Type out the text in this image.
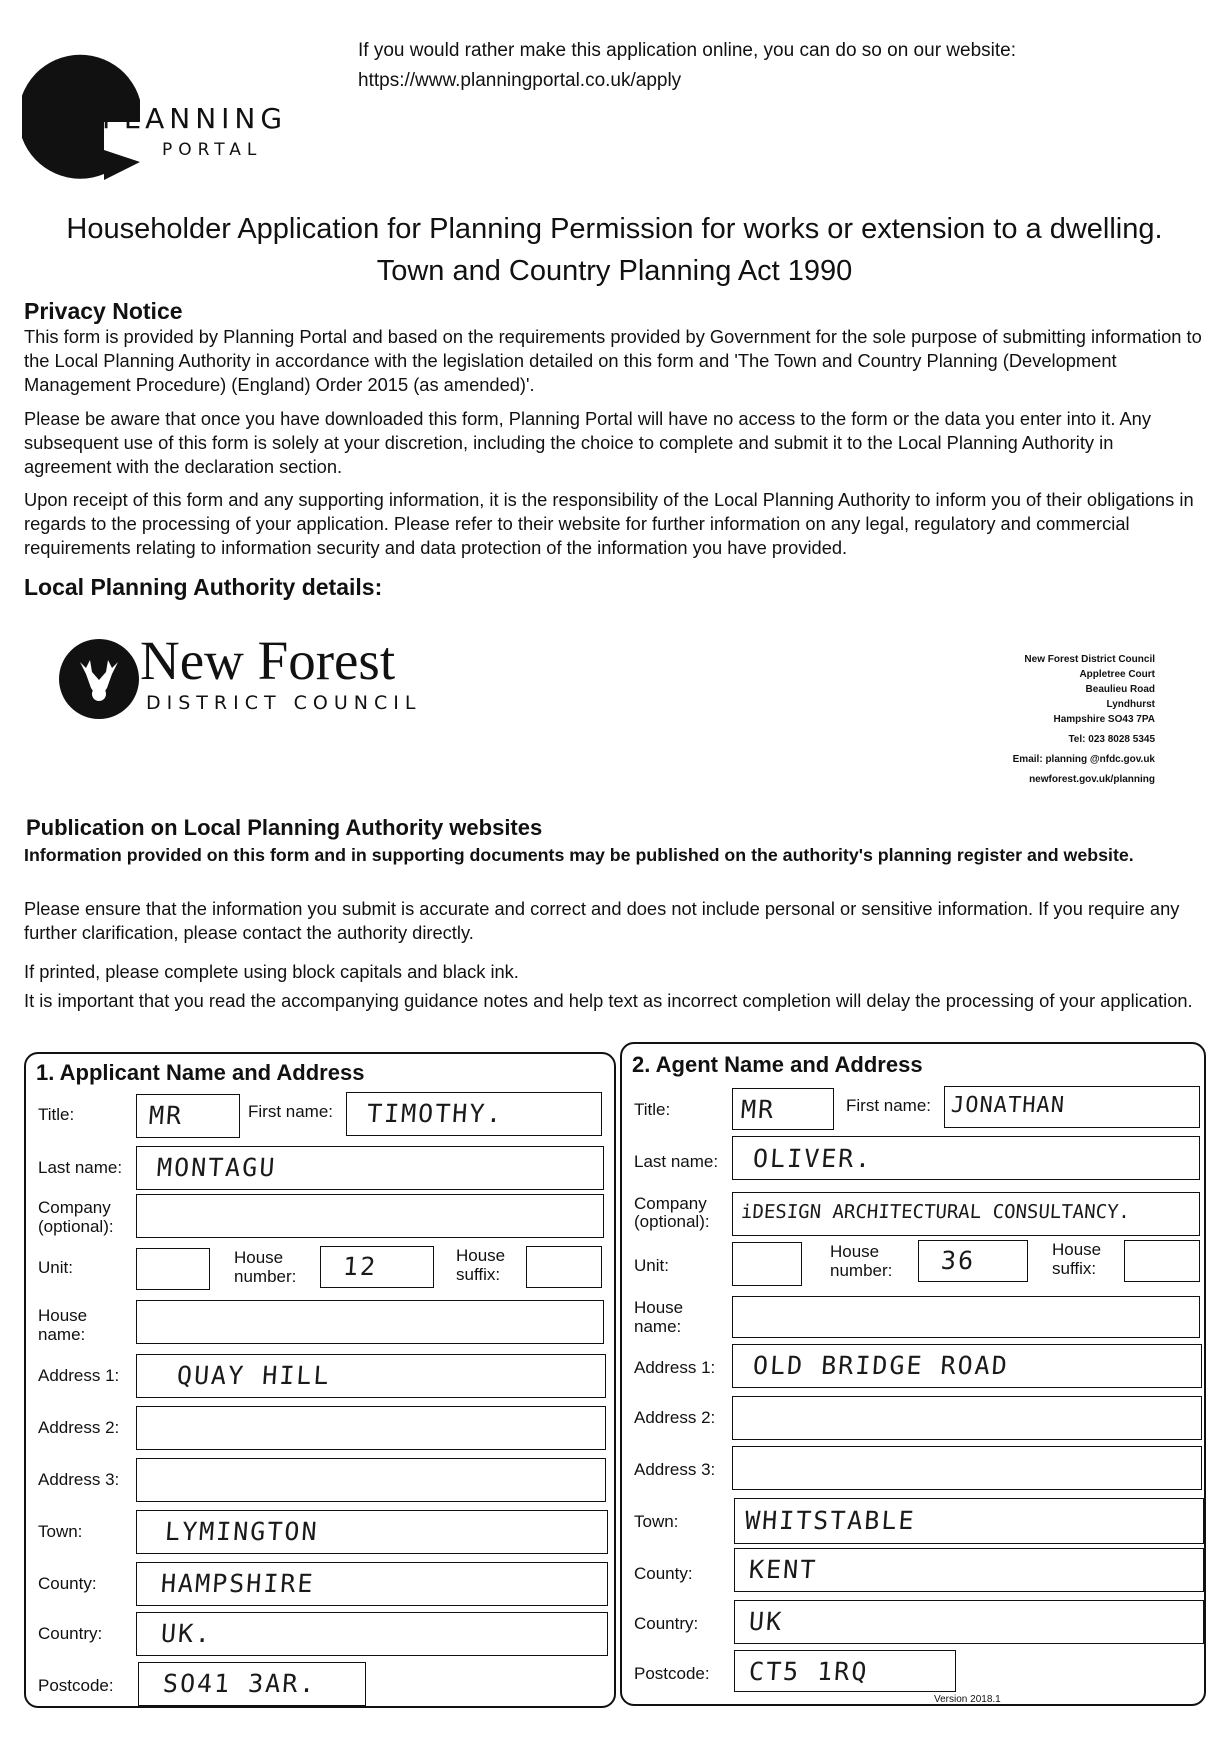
PLANNING
PORTAL
If you would rather make this application online, you can do so on our website:
https://www.planningportal.co.uk/apply
Householder Application for Planning Permission for works or extension to a dwelling.
Town and Country Planning Act 1990
Privacy Notice

This form is provided by Planning Portal and based on the requirements provided by Government for the sole purpose of submitting information to the Local Planning Authority in accordance with the legislation detailed on this form and 'The Town and Country Planning (Development Management Procedure) (England) Order 2015 (as amended)'.

Please be aware that once you have downloaded this form, Planning Portal will have no access to the form or the data you enter into it. Any subsequent use of this form is solely at your discretion, including the choice to complete and submit it to the Local Planning Authority in agreement with the declaration section.

Upon receipt of this form and any supporting information, it is the responsibility of the Local Planning Authority to inform you of their obligations in regards to the processing of your application. Please refer to their website for further information on any legal, regulatory and commercial requirements relating to information security and data protection of the information you have provided.

Local Planning Authority details:
New Forest
DISTRICT COUNCIL
New Forest District Council
Appletree Court
Beaulieu Road
Lyndhurst
Hampshire SO43 7PA
Tel: 023 8028 5345
Email: planning @nfdc.gov.uk
newforest.gov.uk/planning
Publication on Local Planning Authority websites

Information provided on this form and in supporting documents may be published on the authority's planning register and website.

Please ensure that the information you submit is accurate and correct and does not include personal or sensitive information. If you require any further clarification, please contact the authority directly.

If printed, please complete using block capitals and black ink.

It is important that you read the accompanying guidance notes and help text as incorrect completion will delay the processing of your application.

1. Applicant Name and Address
Title:	MR	First name: TIMOTHY.
Last name: MONTAGU
Company
(optional):
Unit:
House
number: 12	House
suffix:
House
name:
Address 1: QUAY HILL
Address 2:
Address 3:
Town:	LYMINGTON
County:	HAMPSHIRE
Country: UK.
Postcode: SO41 3AR.
2. Agent Name and Address
Title:	MR	First name: JONATHAN
Last name: OLIVER.
Company
(optional): iDESIGN ARCHITECTURAL CONSULTANCY.
Unit:
House
number: 36	House
suffix:
House
name:
Address 1: OLD BRIDGE ROAD
Address 2:
Address 3:
Town:	WHITSTABLE
County: KENT
Country: UK
Postcode: CT5 1RQ
Version 2018.1
